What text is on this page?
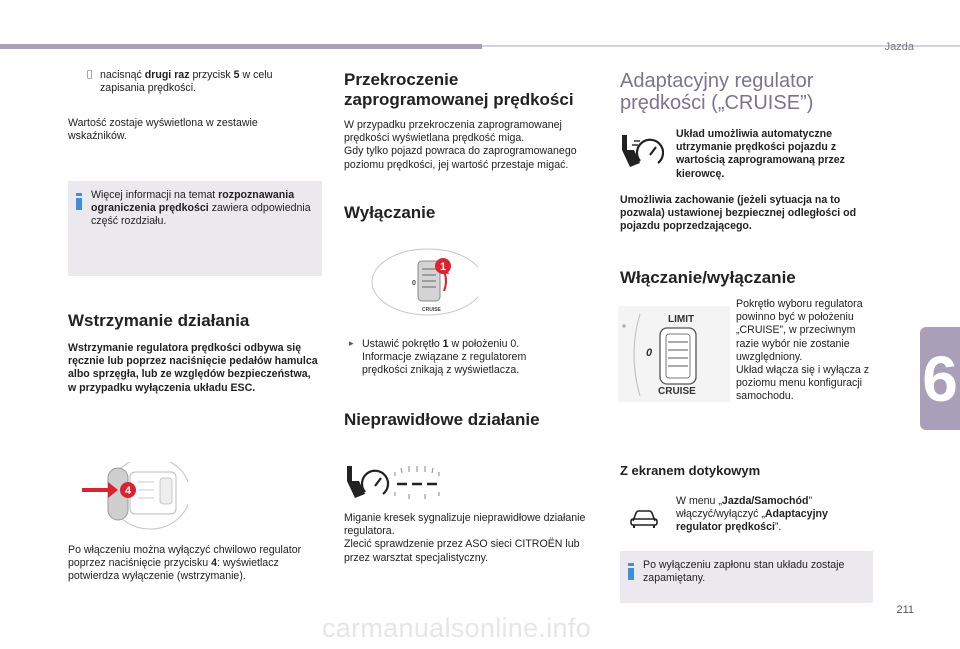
Jazda
6
nacisnąć drugi raz przycisk 5 w celu zapisania prędkości.
Wartość zostaje wyświetlona w zestawie wskaźników.
Więcej informacji na temat rozpoznawania ograniczenia prędkości zawiera odpowiednia część rozdziału.
Wstrzymanie działania
Wstrzymanie regulatora prędkości odbywa się ręcznie lub poprzez naciśnięcie pedałów hamulca albo sprzęgła, lub ze względów bezpieczeństwa, w przypadku wyłączenia układu ESC.
4
Po włączeniu można wyłączyć chwilowo regulator poprzez naciśnięcie przycisku 4: wyświetlacz potwierdza wyłączenie (wstrzymanie).
Przekroczenie
zaprogramowanej prędkości
W przypadku przekroczenia zaprogramowanej prędkości wyświetlana prędkość miga.
Gdy tylko pojazd powraca do zaprogramowanego poziomu prędkości, jej wartość przestaje migać.
Wyłączanie
0
CRUISE
1
▸ Ustawić pokrętło 1 w położeniu 0. Informacje związane z regulatorem prędkości znikają z wyświetlacza.
Nieprawidłowe działanie
Miganie kresek sygnalizuje nieprawidłowe działanie regulatora.
Zlecić sprawdzenie przez ASO sieci CITROËN lub przez warsztat specjalistyczny.
Adaptacyjny regulator
prędkości („CRUISE”)
Układ umożliwia automatyczne utrzymanie prędkości pojazdu z wartością zaprogramowaną przez kierowcę.
Umożliwia zachowanie (jeżeli sytuacja na to pozwala) ustawionej bezpiecznej odległości od pojazdu poprzedzającego.
Włączanie/wyłączanie
LIMIT
0
CRUISE
Pokrętło wyboru regulatora powinno być w położeniu „CRUISE”, w przeciwnym razie wybór nie zostanie uwzględniony.
Układ włącza się i wyłącza z poziomu menu konfiguracji samochodu.
Z ekranem dotykowym
W menu „Jazda/Samochód” włączyć/wyłączyć „Adaptacyjny regulator prędkości”.
Po wyłączeniu zapłonu stan układu zostaje zapamiętany.
211
carmanualsonline.info
